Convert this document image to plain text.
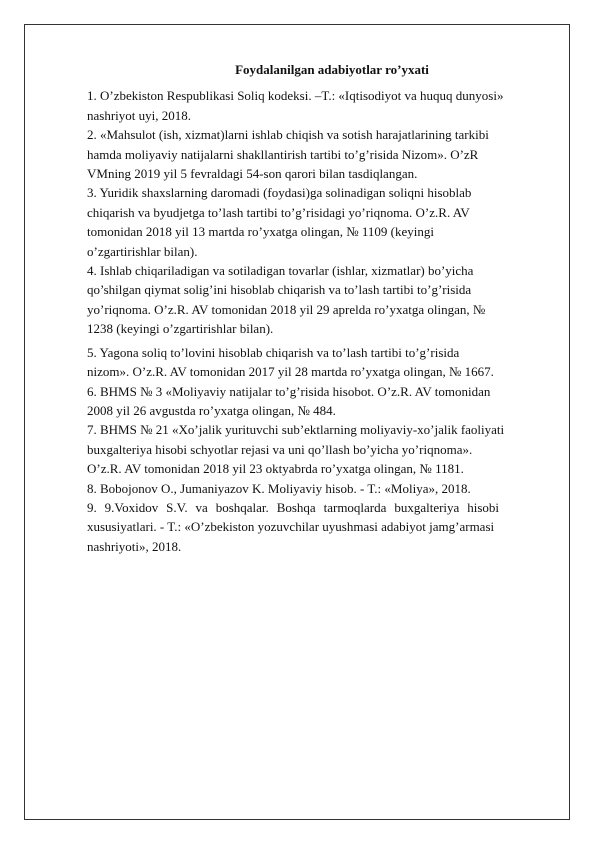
Foydalanilgan adabiyotlar ro’yxati

1. O’zbekiston Respublikasi Soliq kodeksi. –T.: «Iqtisodiyot va huquq dunyosi»

nashriyot uyi, 2018.

2. «Mahsulot (ish, xizmat)larni ishlab chiqish va sotish harajatlarining tarkibi

hamda moliyaviy natijalarni shakllantirish tartibi to’g’risida Nizom». O’zR

VMning 2019 yil 5 fevraldagi 54-son qarori bilan tasdiqlangan.

3. Yuridik shaxslarning daromadi (foydasi)ga solinadigan soliqni hisoblab

chiqarish va byudjetga to’lash tartibi to’g’risidagi yo’riqnoma. O’z.R. AV

tomonidan 2018 yil 13 martda ro’yxatga olingan, № 1109 (keyingi

o’zgartirishlar bilan).

4. Ishlab chiqariladigan va sotiladigan tovarlar (ishlar, xizmatlar) bo’yicha

qo’shilgan qiymat solig’ini hisoblab chiqarish va to’lash tartibi to’g’risida

yo’riqnoma. O’z.R. AV tomonidan 2018 yil 29 aprelda ro’yxatga olingan, №

1238 (keyingi o’zgartirishlar bilan).

5. Yagona soliq to’lovini hisoblab chiqarish va to’lash tartibi to’g’risida

nizom». O’z.R. AV tomonidan 2017 yil 28 martda ro’yxatga olingan, № 1667.

6. BHMS № 3 «Moliyaviy natijalar to’g’risida hisobot. O’z.R. AV tomonidan

2008 yil 26 avgustda ro’yxatga olingan, № 484.

7. BHMS № 21 «Xo’jalik yurituvchi sub’ektlarning moliyaviy-xo’jalik faoliyati

buxgalteriya hisobi schyotlar rejasi va uni qo’llash bo’yicha yo’riqnoma».

O’z.R. AV tomonidan 2018 yil 23 oktyabrda ro’yxatga olingan, № 1181.

8. Bobojonov O., Jumaniyazov K. Moliyaviy hisob. - T.: «Moliya», 2018.

9. 9.Voxidov S.V. va boshqalar. Boshqa tarmoqlarda buxgalteriya hisobi

xususiyatlari. - T.: «O’zbekiston yozuvchilar uyushmasi adabiyot jamg’armasi

nashriyoti», 2018.
